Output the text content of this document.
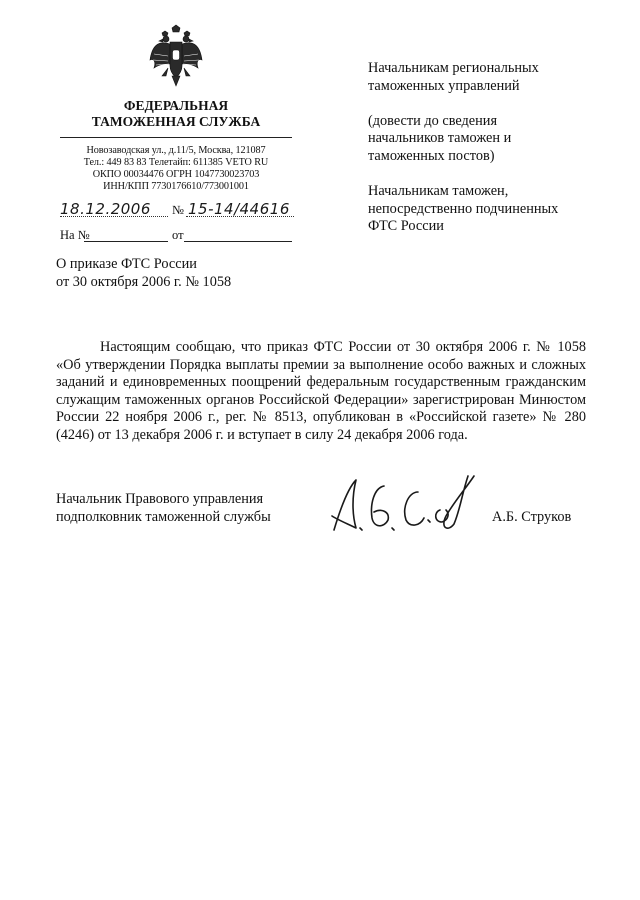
ФЕДЕРАЛЬНАЯ
ТАМОЖЕННАЯ СЛУЖБА
Новозаводская ул., д.11/5, Москва, 121087
Тел.: 449 83 83 Телетайп: 611385 VETO RU
ОКПО 00034476 ОГРН 1047730023703
ИНН/КПП 7730176610/773001001
18.12.2006	№ 15-14/44616
На №	от

Начальникам региональных

таможенных управлений

(довести до сведения

начальников таможен и

таможенных постов)

Начальникам таможен,

непосредственно подчиненных

ФТС России

О приказе ФТС России

от 30 октября 2006 г. № 1058

Настоящим сообщаю, что приказ ФТС России от 30 октября 2006 г. № 1058 «Об утверждении Порядка выплаты премии за выполнение особо важных и сложных заданий и единовременных поощрений федеральным государственным гражданским служащим таможенных органов Российской Федерации» зарегистрирован Минюстом России 22 ноября 2006 г., рег. № 8513, опубликован в «Российской газете» № 280 (4246) от 13 декабря 2006 г. и вступает в силу 24 декабря 2006 года.

Начальник Правового управления

подполковник таможенной службы	А.Б. Струков
